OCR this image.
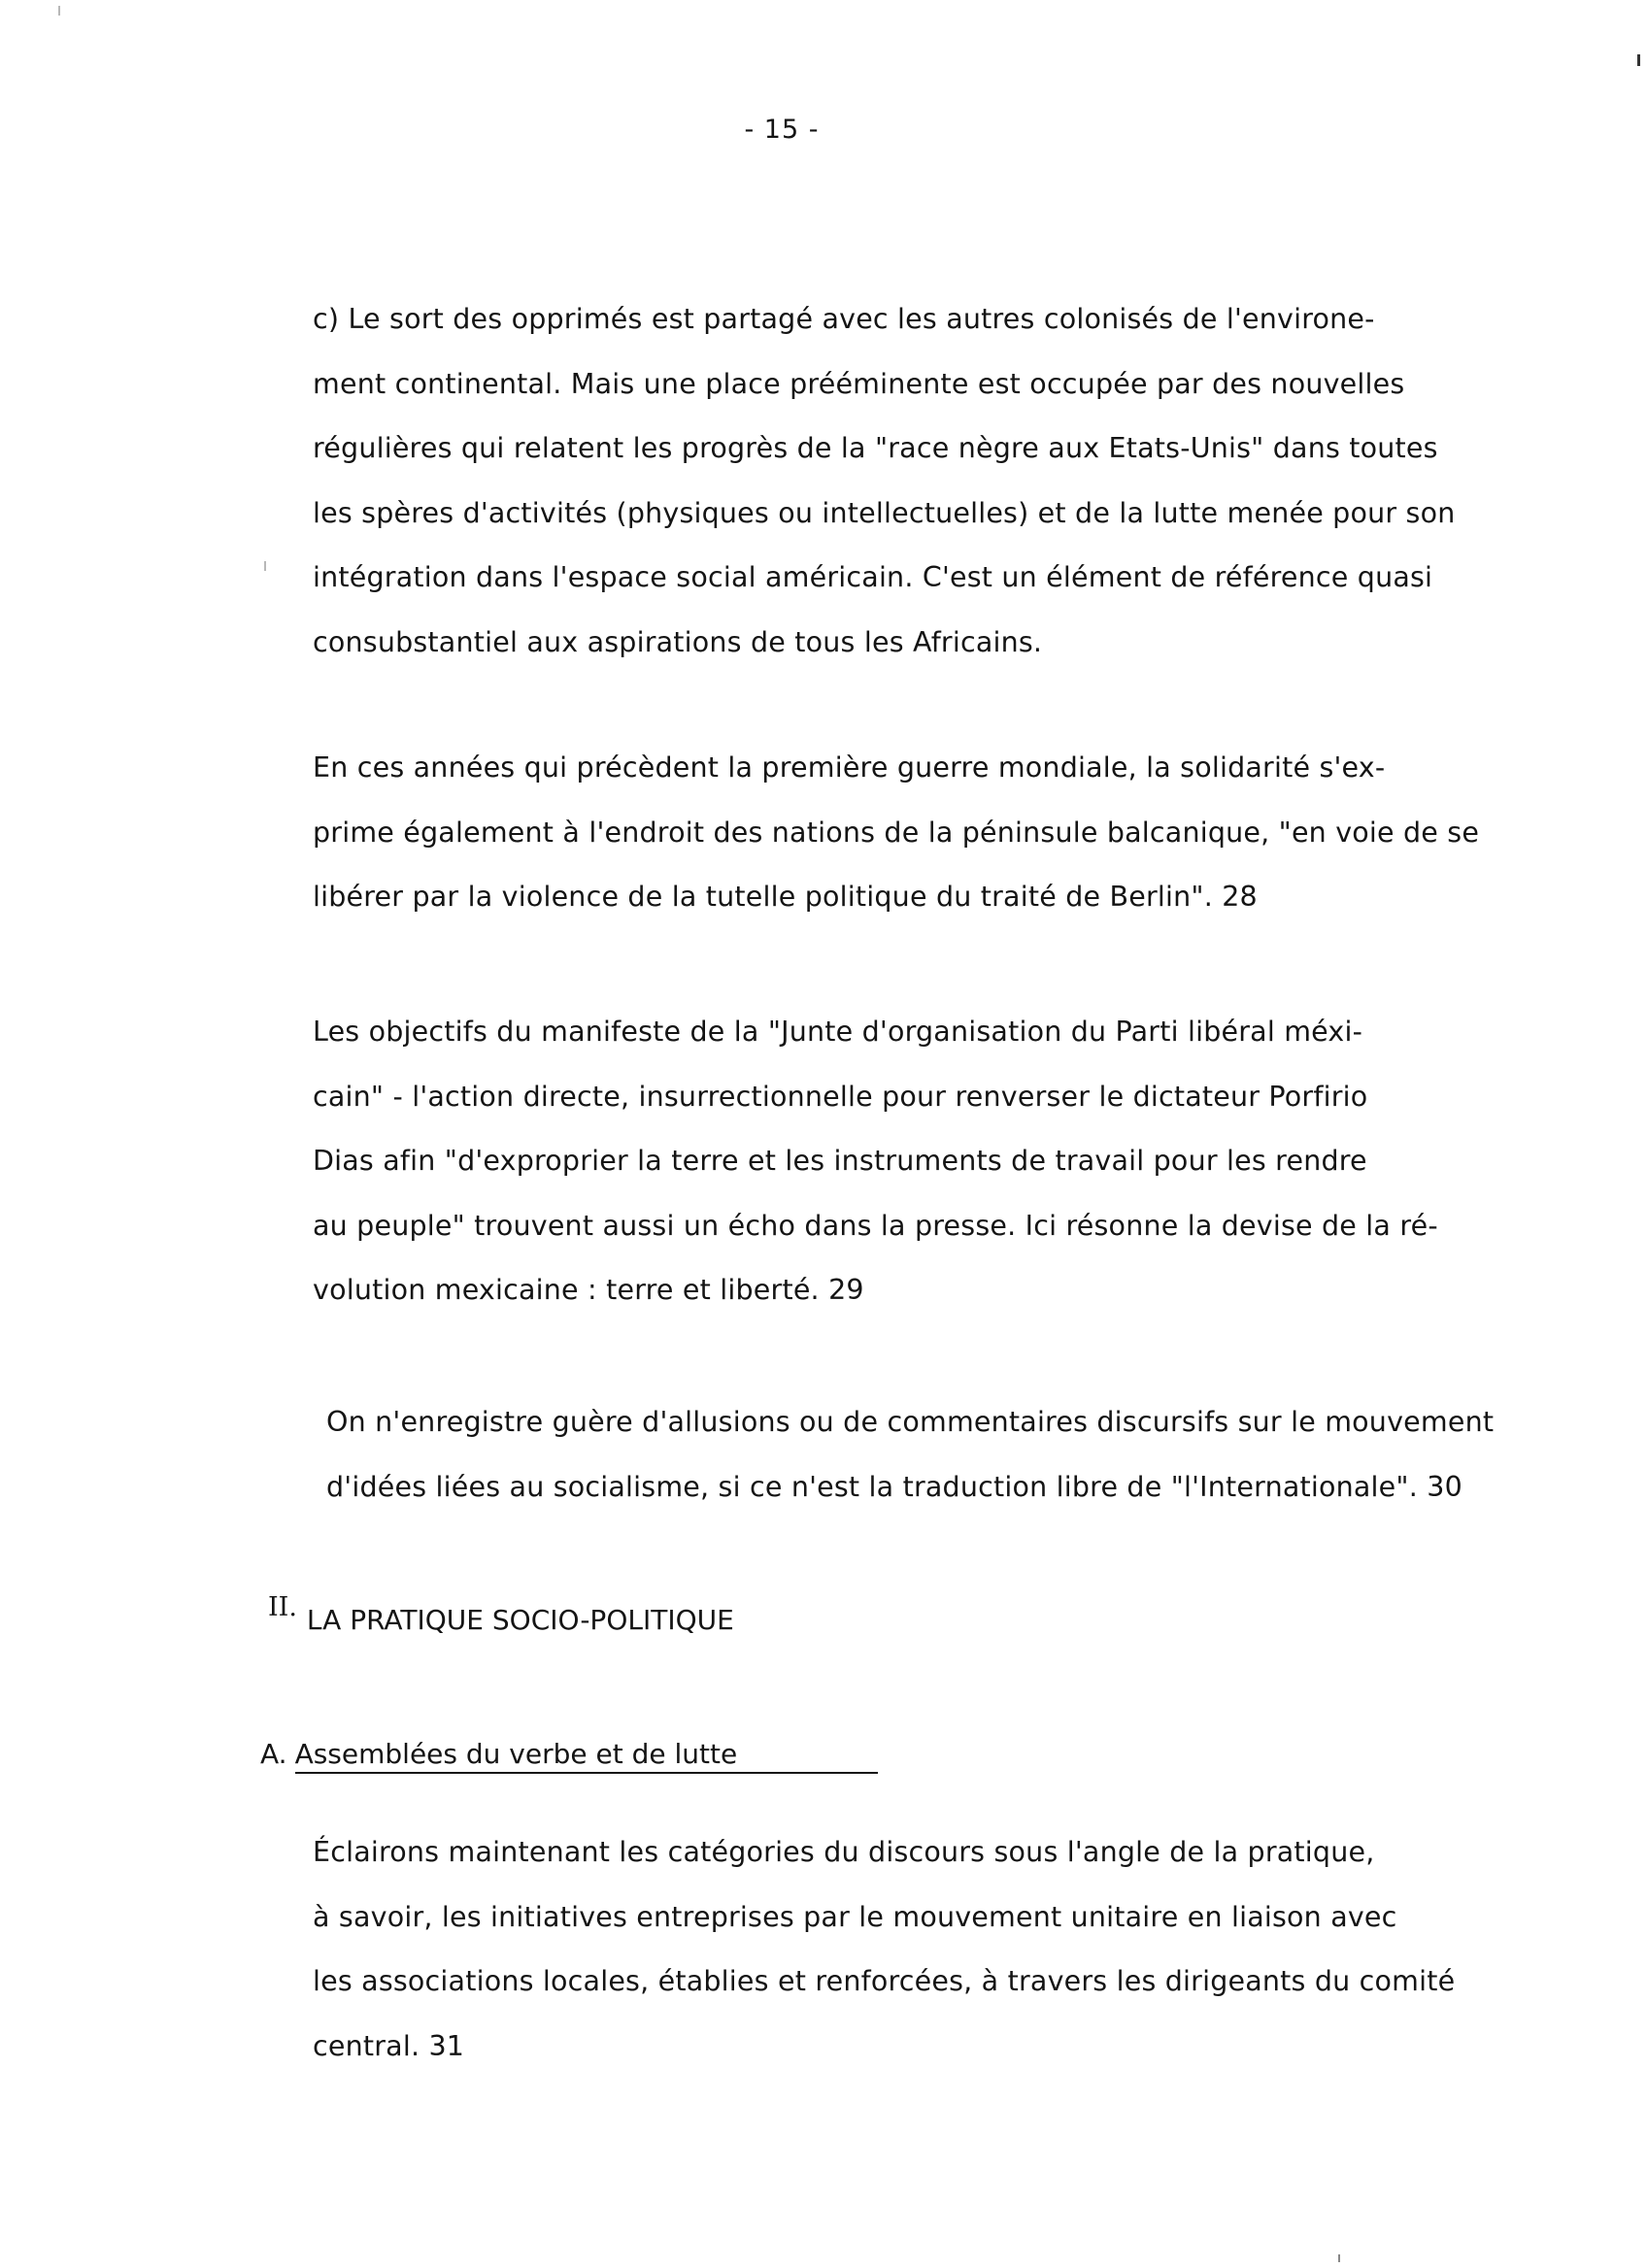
- 15 -

c) Le sort des opprimés est partagé avec les autres colonisés de l'environe-
ment continental. Mais une place prééminente est occupée par des nouvelles
régulières qui relatent les progrès de la "race nègre aux Etats-Unis" dans toutes
les spères d'activités (physiques ou intellectuelles) et de la lutte menée pour son
intégration dans l'espace social américain. C'est un élément de référence quasi
consubstantiel aux aspirations de tous les Africains.

En ces années qui précèdent la première guerre mondiale, la solidarité s'ex-
prime également à l'endroit des nations de la péninsule balcanique, "en voie de se
libérer par la violence de la tutelle politique du traité de Berlin". 28

Les objectifs du manifeste de la "Junte d'organisation du Parti libéral méxi-
cain" - l'action directe, insurrectionnelle pour renverser le dictateur Porfirio
Dias afin "d'exproprier la terre et les instruments de travail pour les rendre
au peuple" trouvent aussi un écho dans la presse. Ici résonne la devise de la ré-
volution mexicaine : terre et liberté. 29

On n'enregistre guère d'allusions ou de commentaires discursifs sur le mouvement
d'idées liées au socialisme, si ce n'est la traduction libre de "l'Internationale". 30

II. LA PRATIQUE SOCIO-POLITIQUE
A. Assemblées du verbe et de lutte

Éclairons maintenant les catégories du discours sous l'angle de la pratique,
à savoir, les initiatives entreprises par le mouvement unitaire en liaison avec
les associations locales, établies et renforcées, à travers les dirigeants du comité
central. 31
